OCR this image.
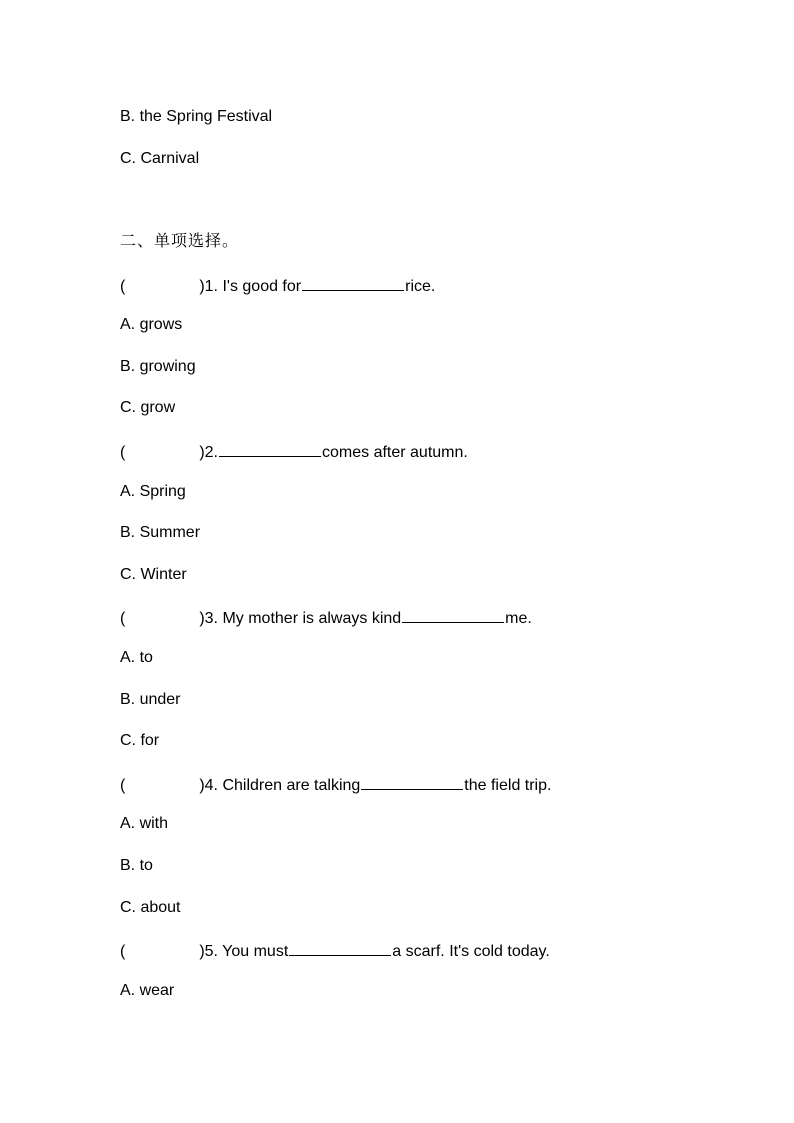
B. the Spring Festival
C. Carnival
二、单项选择。
(	)1. I's good for	rice.
A. grows
B. growing
C. grow
(	)2.	comes after autumn.
A. Spring
B. Summer
C. Winter
(	)3. My mother is always kind	me.
A. to
B. under
C. for
(	)4. Children are talking	the field trip.
A. with
B. to
C. about
(	)5. You must	a scarf. It's cold today.
A. wear
